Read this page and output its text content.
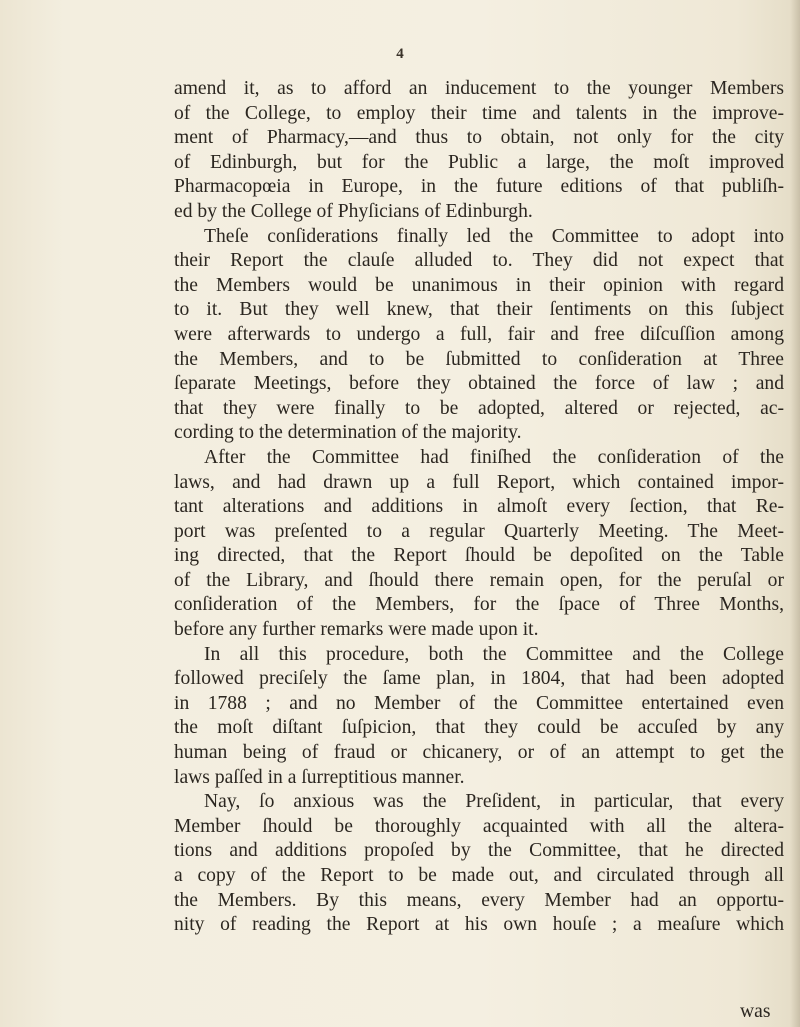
4
amend it, as to afford an inducement to the younger Members
of the College, to employ their time and talents in the improve-
ment of Pharmacy,—and thus to obtain, not only for the city
of Edinburgh, but for the Public a large, the moſt improved
Pharmacopœia in Europe, in the future editions of that publiſh-
ed by the College of Phyſicians of Edinburgh.
Theſe conſiderations finally led the Committee to adopt into
their Report the clauſe alluded to. They did not expect that
the Members would be unanimous in their opinion with regard
to it. But they well knew, that their ſentiments on this ſubject
were afterwards to undergo a full, fair and free diſcuſſion among
the Members, and to be ſubmitted to conſideration at Three
ſeparate Meetings, before they obtained the force of law ; and
that they were finally to be adopted, altered or rejected, ac-
cording to the determination of the majority.
After the Committee had finiſhed the conſideration of the
laws, and had drawn up a full Report, which contained impor-
tant alterations and additions in almoſt every ſection, that Re-
port was preſented to a regular Quarterly Meeting. The Meet-
ing directed, that the Report ſhould be depoſited on the Table
of the Library, and ſhould there remain open, for the peruſal or
conſideration of the Members, for the ſpace of Three Months,
before any further remarks were made upon it.
In all this procedure, both the Committee and the College
followed preciſely the ſame plan, in 1804, that had been adopted
in 1788 ; and no Member of the Committee entertained even
the moſt diſtant ſuſpicion, that they could be accuſed by any
human being of fraud or chicanery, or of an attempt to get the
laws paſſed in a ſurreptitious manner.
Nay, ſo anxious was the Preſident, in particular, that every
Member ſhould be thoroughly acquainted with all the altera-
tions and additions propoſed by the Committee, that he directed
a copy of the Report to be made out, and circulated through all
the Members. By this means, every Member had an opportu-
nity of reading the Report at his own houſe ; a meaſure which
was
